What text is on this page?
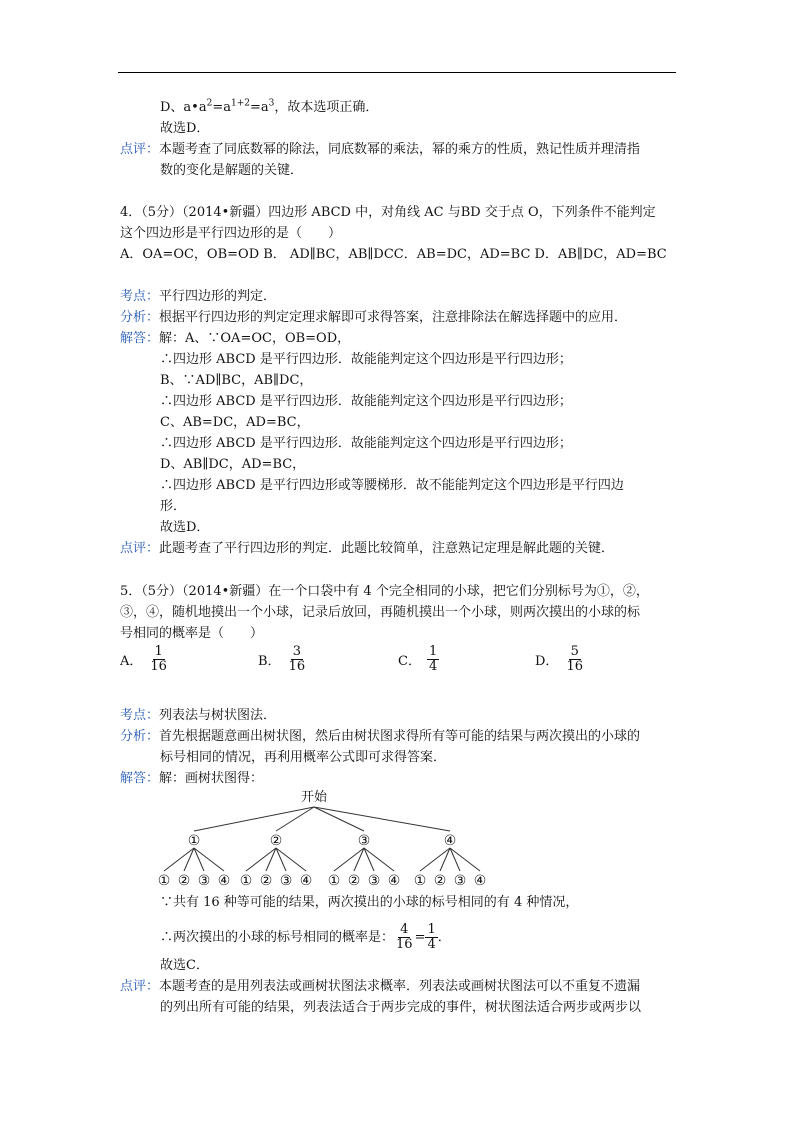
D、$a•a^2=a^{1+2}=a^3$，故本选项正确．
故选D．
点评：本题考查了同底数幂的除法，同底数幂的乘法，幂的乘方的性质，熟记性质并理清指
数的变化是解题的关键．
4．（5分）（2014•新疆）四边形 ABCD 中，对角线 AC 与BD 交于点 O，下列条件不能判定
这个四边形是平行四边形的是（　　）
A．OA=OC，OB=OD B． AD∥BC，AB∥DCC．AB=DC，AD=BC D．AB∥DC，AD=BC
考点：平行四边形的判定．
分析：根据平行四边形的判定定理求解即可求得答案，注意排除法在解选择题中的应用．
解答：解：A、∵OA=OC，OB=OD，
∴四边形 ABCD 是平行四边形．故能能判定这个四边形是平行四边形；
B、∵AD∥BC，AB∥DC，
∴四边形 ABCD 是平行四边形．故能能判定这个四边形是平行四边形；
C、AB=DC，AD=BC，
∴四边形 ABCD 是平行四边形．故能能判定这个四边形是平行四边形；
D、AB∥DC，AD=BC，
∴四边形 ABCD 是平行四边形或等腰梯形．故不能能判定这个四边形是平行四边
形．
故选D．
点评：此题考查了平行四边形的判定．此题比较简单，注意熟记定理是解此题的关键．
5．（5分）（2014•新疆）在一个口袋中有 4 个完全相同的小球，把它们分别标号为①，②，
③，④，随机地摸出一个小球，记录后放回，再随机摸出一个小球，则两次摸出的小球的标
号相同的概率是（　　）
A． $\frac{1}{16}$	B． $\frac{3}{16}$	C． $\frac{1}{4}$	D． $\frac{5}{16}$
考点：列表法与树状图法．
分析：首先根据题意画出树状图，然后由树状图求得所有等可能的结果与两次摸出的小球的
标号相同的情况，再利用概率公式即可求得答案．
解答：解：画树状图得：
开始
①
① ② ③ ④
②
① ② ③ ④
③
① ② ③ ④
④
① ② ③ ④
∵共有 16 种等可能的结果，两次摸出的小球的标号相同的有 4 种情况，
∴两次摸出的小球的标号相同的概率是： $\frac{4}{16} = \frac{1}{4}$ ．
故选C．
点评：本题考查的是用列表法或画树状图法求概率．列表法或画树状图法可以不重复不遗漏
的列出所有可能的结果，列表法适合于两步完成的事件，树状图法适合两步或两步以
